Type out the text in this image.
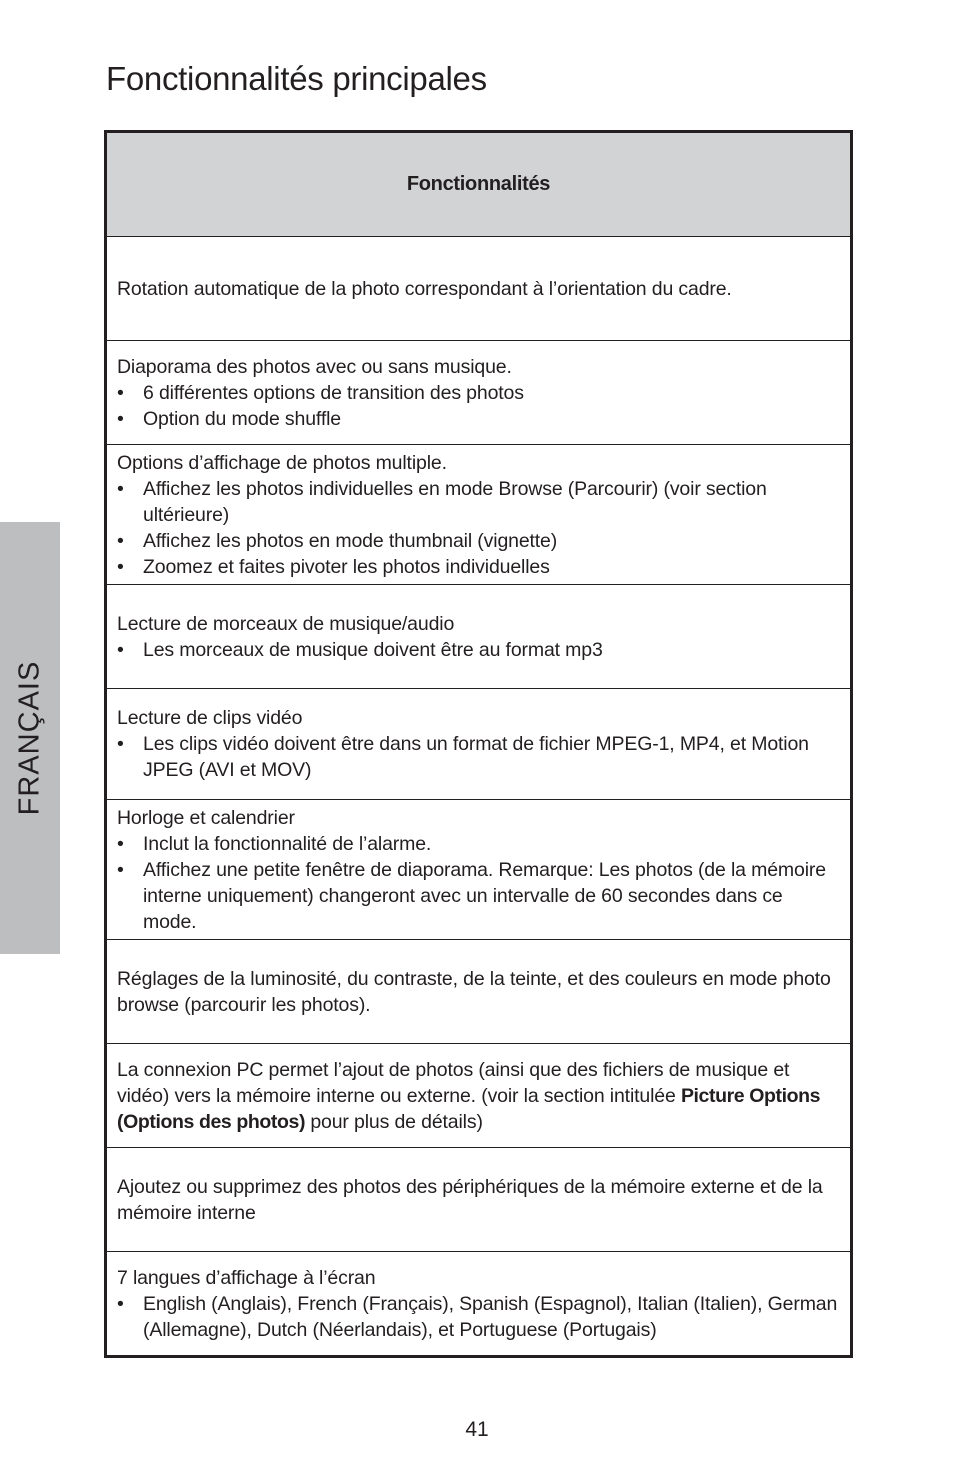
Fonctionnalités principales
FRANÇAIS
Fonctionnalités

Rotation automatique de la photo correspondant à l’orientation du cadre.

Diaporama des photos avec ou sans musique.

• 6 différentes options de transition des photos
• Option du mode shuffle

Options d’affichage de photos multiple.

• Affichez les photos individuelles en mode Browse (Parcourir) (voir section ultérieure)
• Affichez les photos en mode thumbnail (vignette)
• Zoomez et faites pivoter les photos individuelles

Lecture de morceaux de musique/audio

• Les morceaux de musique doivent être au format mp3

Lecture de clips vidéo

• Les clips vidéo doivent être dans un format de fichier MPEG-1, MP4, et Motion JPEG (AVI et MOV)

Horloge et calendrier

• Inclut la fonctionnalité de l’alarme.
• Affichez une petite fenêtre de diaporama. Remarque: Les photos (de la mémoire interne uniquement) changeront avec un intervalle de 60 secondes dans ce mode.

Réglages de la luminosité, du contraste, de la teinte, et des couleurs en mode photo browse (parcourir les photos).

La connexion PC permet l’ajout de photos (ainsi que des fichiers de musique et vidéo) vers la mémoire interne ou externe. (voir la section intitulée Picture Options (Options des photos) pour plus de détails)

Ajoutez ou supprimez des photos des périphériques de la mémoire externe et de la mémoire interne

7 langues d’affichage à l’écran

• English (Anglais), French (Français), Spanish (Espagnol), Italian (Italien), German (Allemagne), Dutch (Néerlandais), et Portuguese (Portugais)
41
